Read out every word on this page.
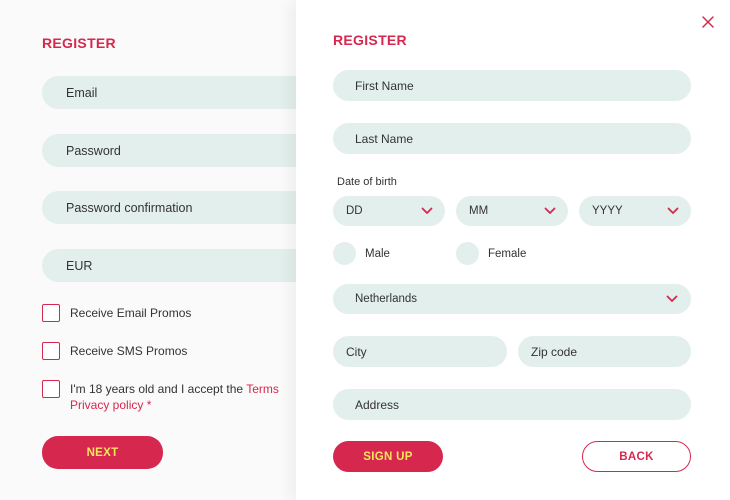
REGISTER
Email
Password
Password confirmation
EUR
Receive Email Promos
Receive SMS Promos
I'm 18 years old and I accept the Terms
Privacy policy *
NEXT
REGISTER
First Name
Last Name
Date of birth
DD	MM	YYYY
Male	Female
Netherlands
City	Zip code
Address
SIGN UP	BACK
